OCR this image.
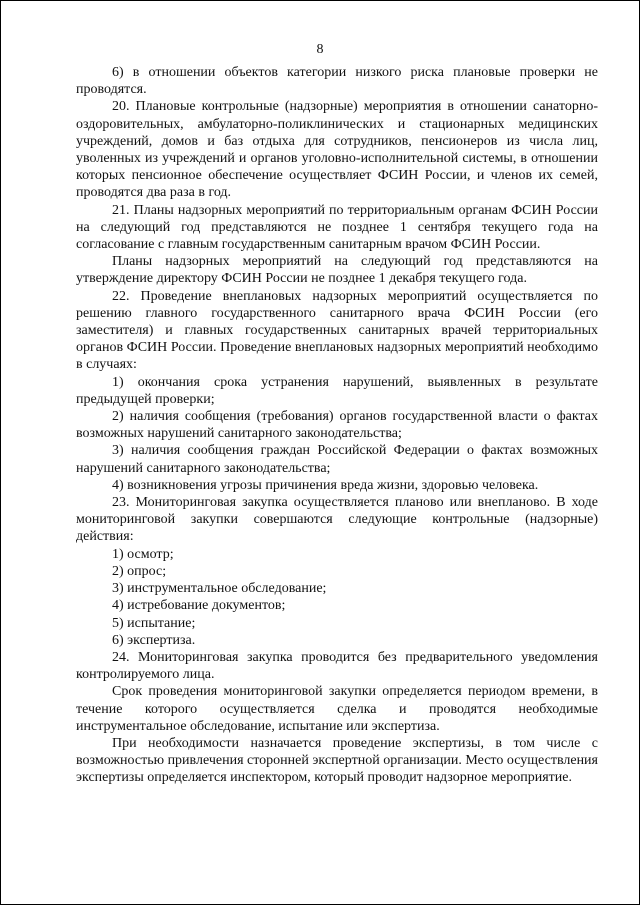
8

6) в отношении объектов категории низкого риска плановые проверки не проводятся.

20. Плановые контрольные (надзорные) мероприятия в отношении санаторно-оздоровительных, амбулаторно-поликлинических и стационарных медицинских учреждений, домов и баз отдыха для сотрудников, пенсионеров из числа лиц, уволенных из учреждений и органов уголовно-исполнительной системы, в отношении которых пенсионное обеспечение осуществляет ФСИН России, и членов их семей, проводятся два раза в год.

21. Планы надзорных мероприятий по территориальным органам ФСИН России на следующий год представляются не позднее 1 сентября текущего года на согласование с главным государственным санитарным врачом ФСИН России.

Планы надзорных мероприятий на следующий год представляются на утверждение директору ФСИН России не позднее 1 декабря текущего года.

22. Проведение внеплановых надзорных мероприятий осуществляется по решению главного государственного санитарного врача ФСИН России (его заместителя) и главных государственных санитарных врачей территориальных органов ФСИН России. Проведение внеплановых надзорных мероприятий необходимо в случаях:

1) окончания срока устранения нарушений, выявленных в результате предыдущей проверки;

2) наличия сообщения (требования) органов государственной власти о фактах возможных нарушений санитарного законодательства;

3) наличия сообщения граждан Российской Федерации о фактах возможных нарушений санитарного законодательства;

4) возникновения угрозы причинения вреда жизни, здоровью человека.

23. Мониторинговая закупка осуществляется планово или внепланово. В ходе мониторинговой закупки совершаются следующие контрольные (надзорные) действия:

1) осмотр;

2) опрос;

3) инструментальное обследование;

4) истребование документов;

5) испытание;

6) экспертиза.

24. Мониторинговая закупка проводится без предварительного уведомления контролируемого лица.

Срок проведения мониторинговой закупки определяется периодом времени, в течение которого осуществляется сделка и проводятся необходимые инструментальное обследование, испытание или экспертиза.

При необходимости назначается проведение экспертизы, в том числе с возможностью привлечения сторонней экспертной организации. Место осуществления экспертизы определяется инспектором, который проводит надзорное мероприятие.
